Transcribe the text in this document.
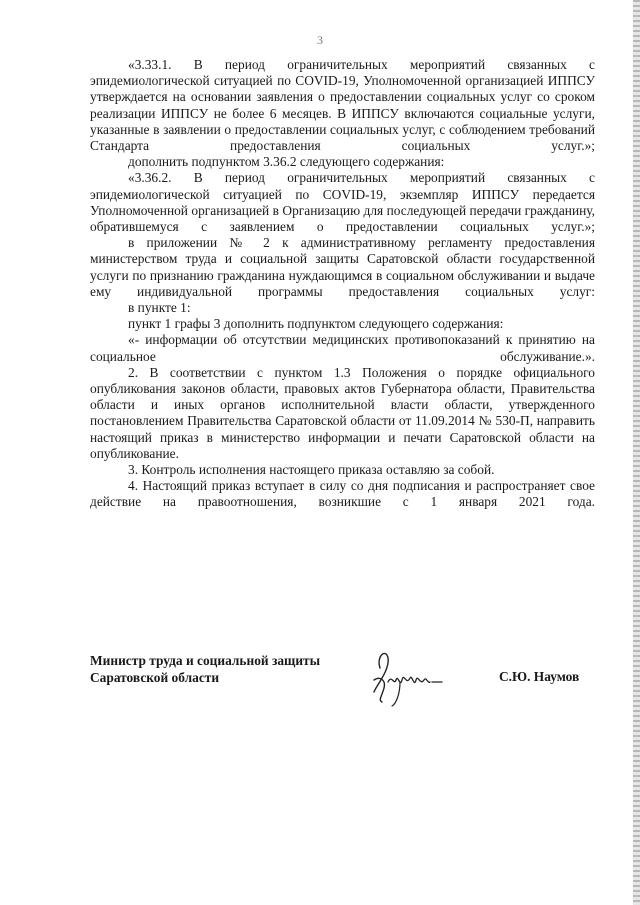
3

«3.33.1. В период ограничительных мероприятий связанных с эпидемиологической ситуацией по COVID-19, Уполномоченной организацией ИППСУ утверждается на основании заявления о предоставлении социальных услуг со сроком реализации ИППСУ не более 6 месяцев. В ИППСУ включаются социальные услуги, указанные в заявлении о предоставлении социальных услуг, с соблюдением требований Стандарта предоставления социальных услуг.»;

дополнить подпунктом 3.36.2 следующего содержания:

«3.36.2. В период ограничительных мероприятий связанных с эпидемиологической ситуацией по COVID-19, экземпляр ИППСУ передается Уполномоченной организацией в Организацию для последующей передачи гражданину, обратившемуся с заявлением о предоставлении социальных услуг.»;

в приложении № 2 к административному регламенту предоставления министерством труда и социальной защиты Саратовской области государственной услуги по признанию гражданина нуждающимся в социальном обслуживании и выдаче ему индивидуальной программы предоставления социальных услуг:

в пункте 1:

пункт 1 графы 3 дополнить подпунктом следующего содержания:

«- информации об отсутствии медицинских противопоказаний к принятию на социальное обслуживание.».

2. В соответствии с пунктом 1.3 Положения о порядке официального опубликования законов области, правовых актов Губернатора области, Правительства области и иных органов исполнительной власти области, утвержденного постановлением Правительства Саратовской области от 11.09.2014 № 530-П, направить настоящий приказ в министерство информации и печати Саратовской области на опубликование.

3. Контроль исполнения настоящего приказа оставляю за собой.

4. Настоящий приказ вступает в силу со дня подписания и распространяет свое действие на правоотношения, возникшие с 1 января 2021 года.

Министр труда и социальной защиты

Саратовской области	С.Ю. Наумов
